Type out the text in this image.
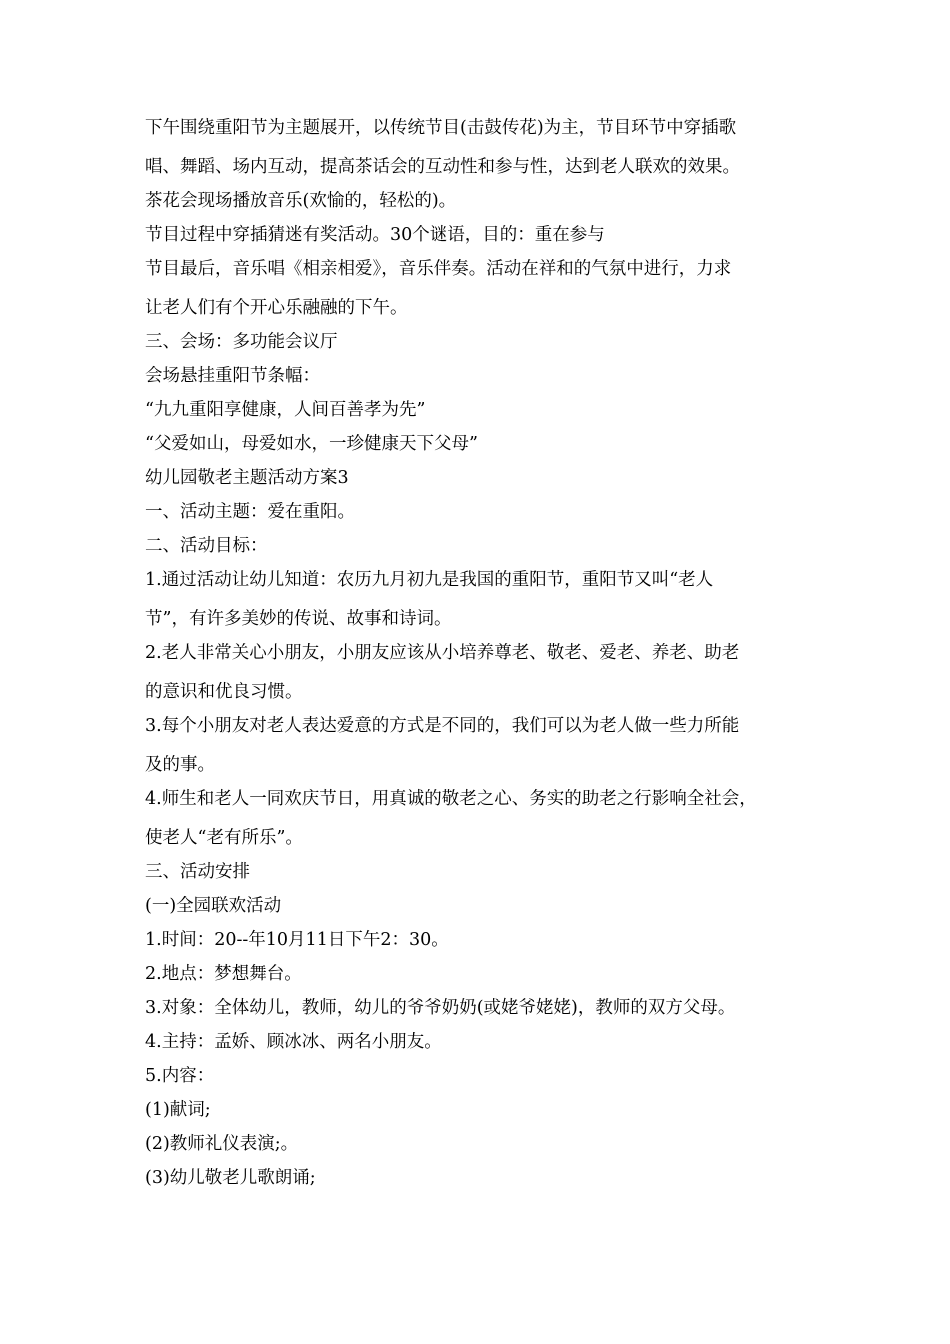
下午围绕重阳节为主题展开，以传统节目(击鼓传花)为主，节目环节中穿插歌

唱、舞蹈、场内互动，提高茶话会的互动性和参与性，达到老人联欢的效果。

茶花会现场播放音乐(欢愉的，轻松的)。

节目过程中穿插猜迷有奖活动。30个谜语，目的：重在参与

节目最后，音乐唱《相亲相爱》，音乐伴奏。活动在祥和的气氛中进行，力求

让老人们有个开心乐融融的下午。

三、会场：多功能会议厅

会场悬挂重阳节条幅：

“九九重阳享健康，人间百善孝为先”

“父爱如山，母爱如水，一珍健康天下父母”

幼儿园敬老主题活动方案3

一、活动主题：爱在重阳。

二、活动目标：

1.通过活动让幼儿知道：农历九月初九是我国的重阳节，重阳节又叫“老人

节”，有许多美妙的传说、故事和诗词。

2.老人非常关心小朋友，小朋友应该从小培养尊老、敬老、爱老、养老、助老

的意识和优良习惯。

3.每个小朋友对老人表达爱意的方式是不同的，我们可以为老人做一些力所能

及的事。

4.师生和老人一同欢庆节日，用真诚的敬老之心、务实的助老之行影响全社会，

使老人“老有所乐”。

三、活动安排

(一)全园联欢活动

1.时间：20--年10月11日下午2：30。

2.地点：梦想舞台。

3.对象：全体幼儿，教师，幼儿的爷爷奶奶(或姥爷姥姥)，教师的双方父母。

4.主持：孟娇、顾冰冰、两名小朋友。

5.内容：

(1)献词;

(2)教师礼仪表演;。

(3)幼儿敬老儿歌朗诵;
